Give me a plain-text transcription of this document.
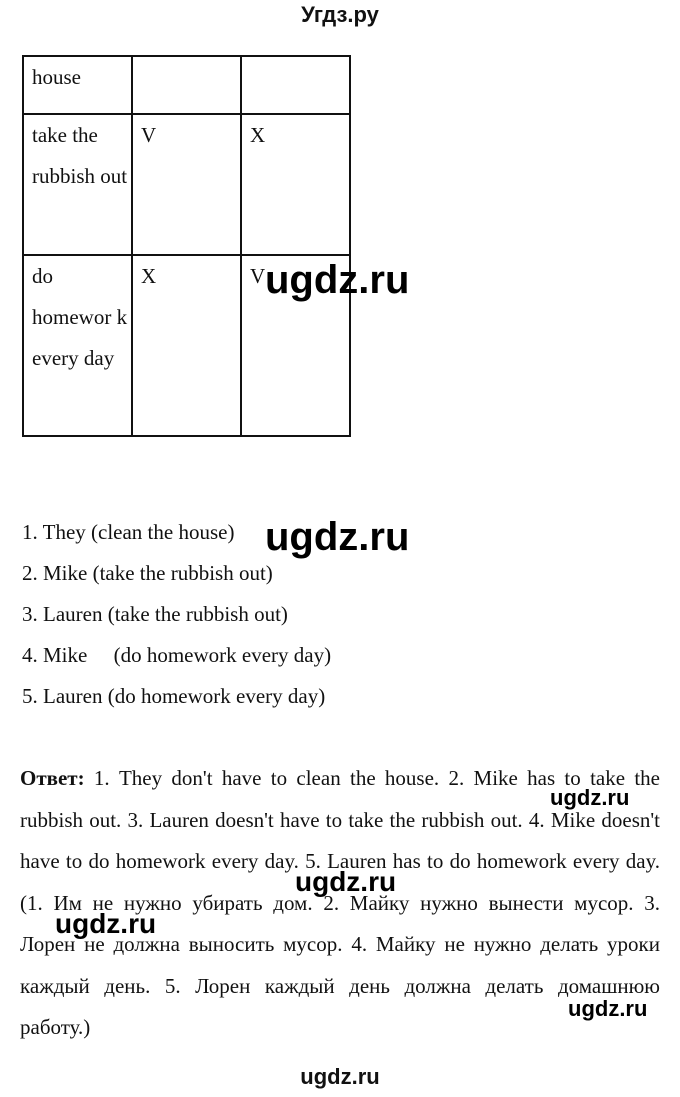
Угдз.ру
house		
take the rubbish out	V	X
do homewor k every day	X	V
1. They (clean the house)
2. Mike (take the rubbish out)
3. Lauren (take the rubbish out)
4. Mike     (do homework every day)
5. Lauren (do homework every day)
Ответ: 1. They don't have to clean the house. 2. Mike has to take the rubbish out. 3. Lauren doesn't have to take the rubbish out. 4. Mike doesn't have to do homework every day. 5. Lauren has to do homework every day. (1. Им не нужно убирать дом. 2. Майку нужно вынести мусор. 3. Лорен не должна выносить мусор. 4. Майку не нужно делать уроки каждый день. 5. Лорен каждый день должна делать домашнюю работу.)
ugdz.ru
ugdz.ru
ugdz.ru
ugdz.ru
ugdz.ru
ugdz.ru
ugdz.ru
